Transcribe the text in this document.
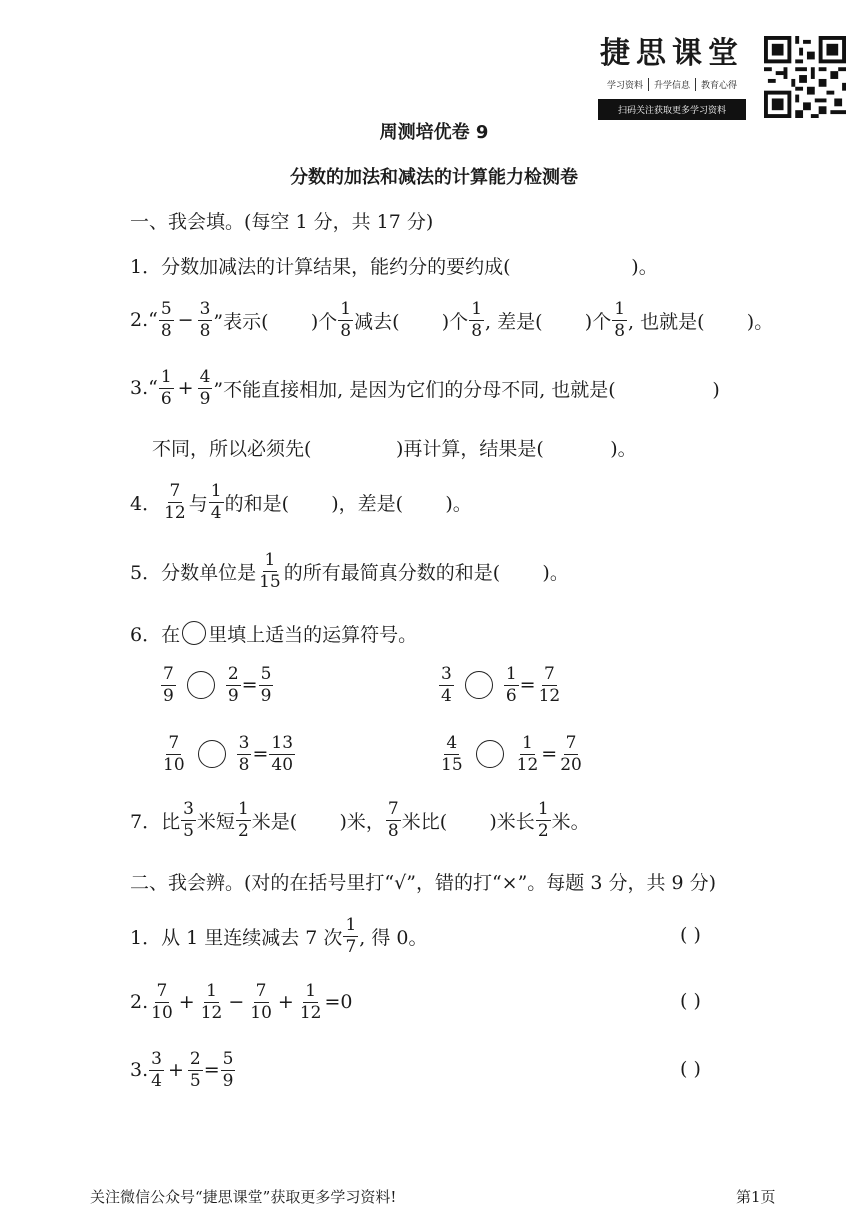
捷思课堂
学习资料	升学信息	教育心得
扫码关注获取更多学习资料
周测培优卷 9
分数的加法和减法的计算能力检测卷
一、我会填。(每空 1 分，共 17 分)
1．分数加减法的计算结果，能约分的要约成(                    )。
2.“ $\frac{5}{8} - \frac{3}{8}$ ”表示(       )个 $\frac{1}{8}$ 减去(       )个 $\frac{1}{8}$ , 差是(       )个 $\frac{1}{8}$ , 也就是(       )。
3.“ $\frac{1}{6} + \frac{4}{9}$ ”不能直接相加, 是因为它们的分母不同, 也就是(                )
不同，所以必须先(              )再计算，结果是(           )。
4． $\frac{7}{12}$ 与 $\frac{1}{4}$ 的和是(       )，差是(       )。
5．分数单位是 $\frac{1}{15}$ 的所有最简真分数的和是(       )。
6．在 里填上适当的运算符号。
$\frac{7}{9}$	$\frac{2}{9} = \frac{5}{9}$	$\frac{3}{4}$	$\frac{1}{6} = \frac{7}{12}$
$\frac{7}{10}$	$\frac{3}{8} = \frac{13}{40}$	$\frac{4}{15}$	$\frac{1}{12} = \frac{7}{20}$
7．比 $\frac{3}{5}$ 米短 $\frac{1}{2}$ 米是(       )米， $\frac{7}{8}$ 米比(       )米长 $\frac{1}{2}$ 米。
二、我会辨。(对的在括号里打“√”，错的打“×”。每题 3 分，共 9 分)
1．从 1 里连续减去 7 次 $\frac{1}{7}$ , 得 0。	( )
2. $\frac{7}{10} + \frac{1}{12} - \frac{7}{10} + \frac{1}{12} =0$	( )
3. $\frac{3}{4} + \frac{2}{5} = \frac{5}{9}$	( )
关注微信公众号“捷思课堂”获取更多学习资料!	第1页
